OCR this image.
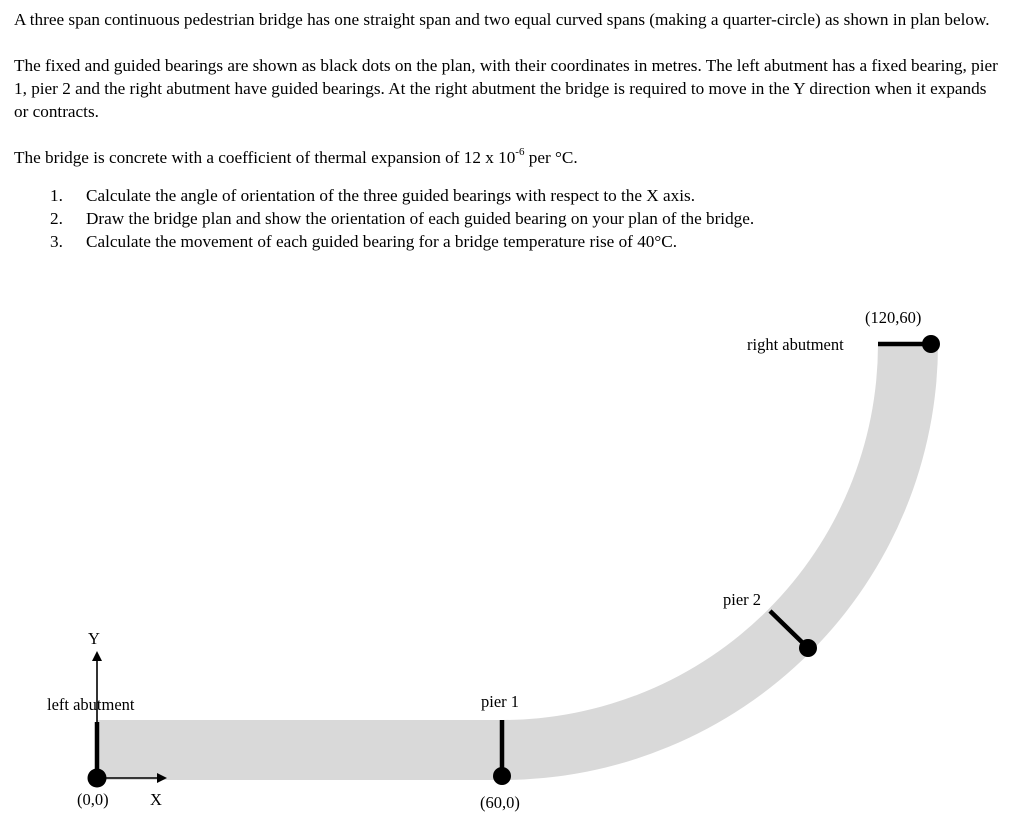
A three span continuous pedestrian bridge has one straight span and two equal curved spans (making a quarter-circle) as shown in plan below.

The fixed and guided bearings are shown as black dots on the plan, with their coordinates in metres. The left abutment has a fixed bearing, pier 1, pier 2 and the right abutment have guided bearings. At the right abutment the bridge is required to move in the Y direction when it expands or contracts.

The bridge is concrete with a coefficient of thermal expansion of 12 x $10^{-6}$ per °C.

1.	Calculate the angle of orientation of the three guided bearings with respect to the X axis.
2.	Draw the bridge plan and show the orientation of each guided bearing on your plan of the bridge.
3.	Calculate the movement of each guided bearing for a bridge temperature rise of 40°C.
Y
X
left abutment
(0,0)
pier 1
(60,0)
pier 2
right abutment
(120,60)
